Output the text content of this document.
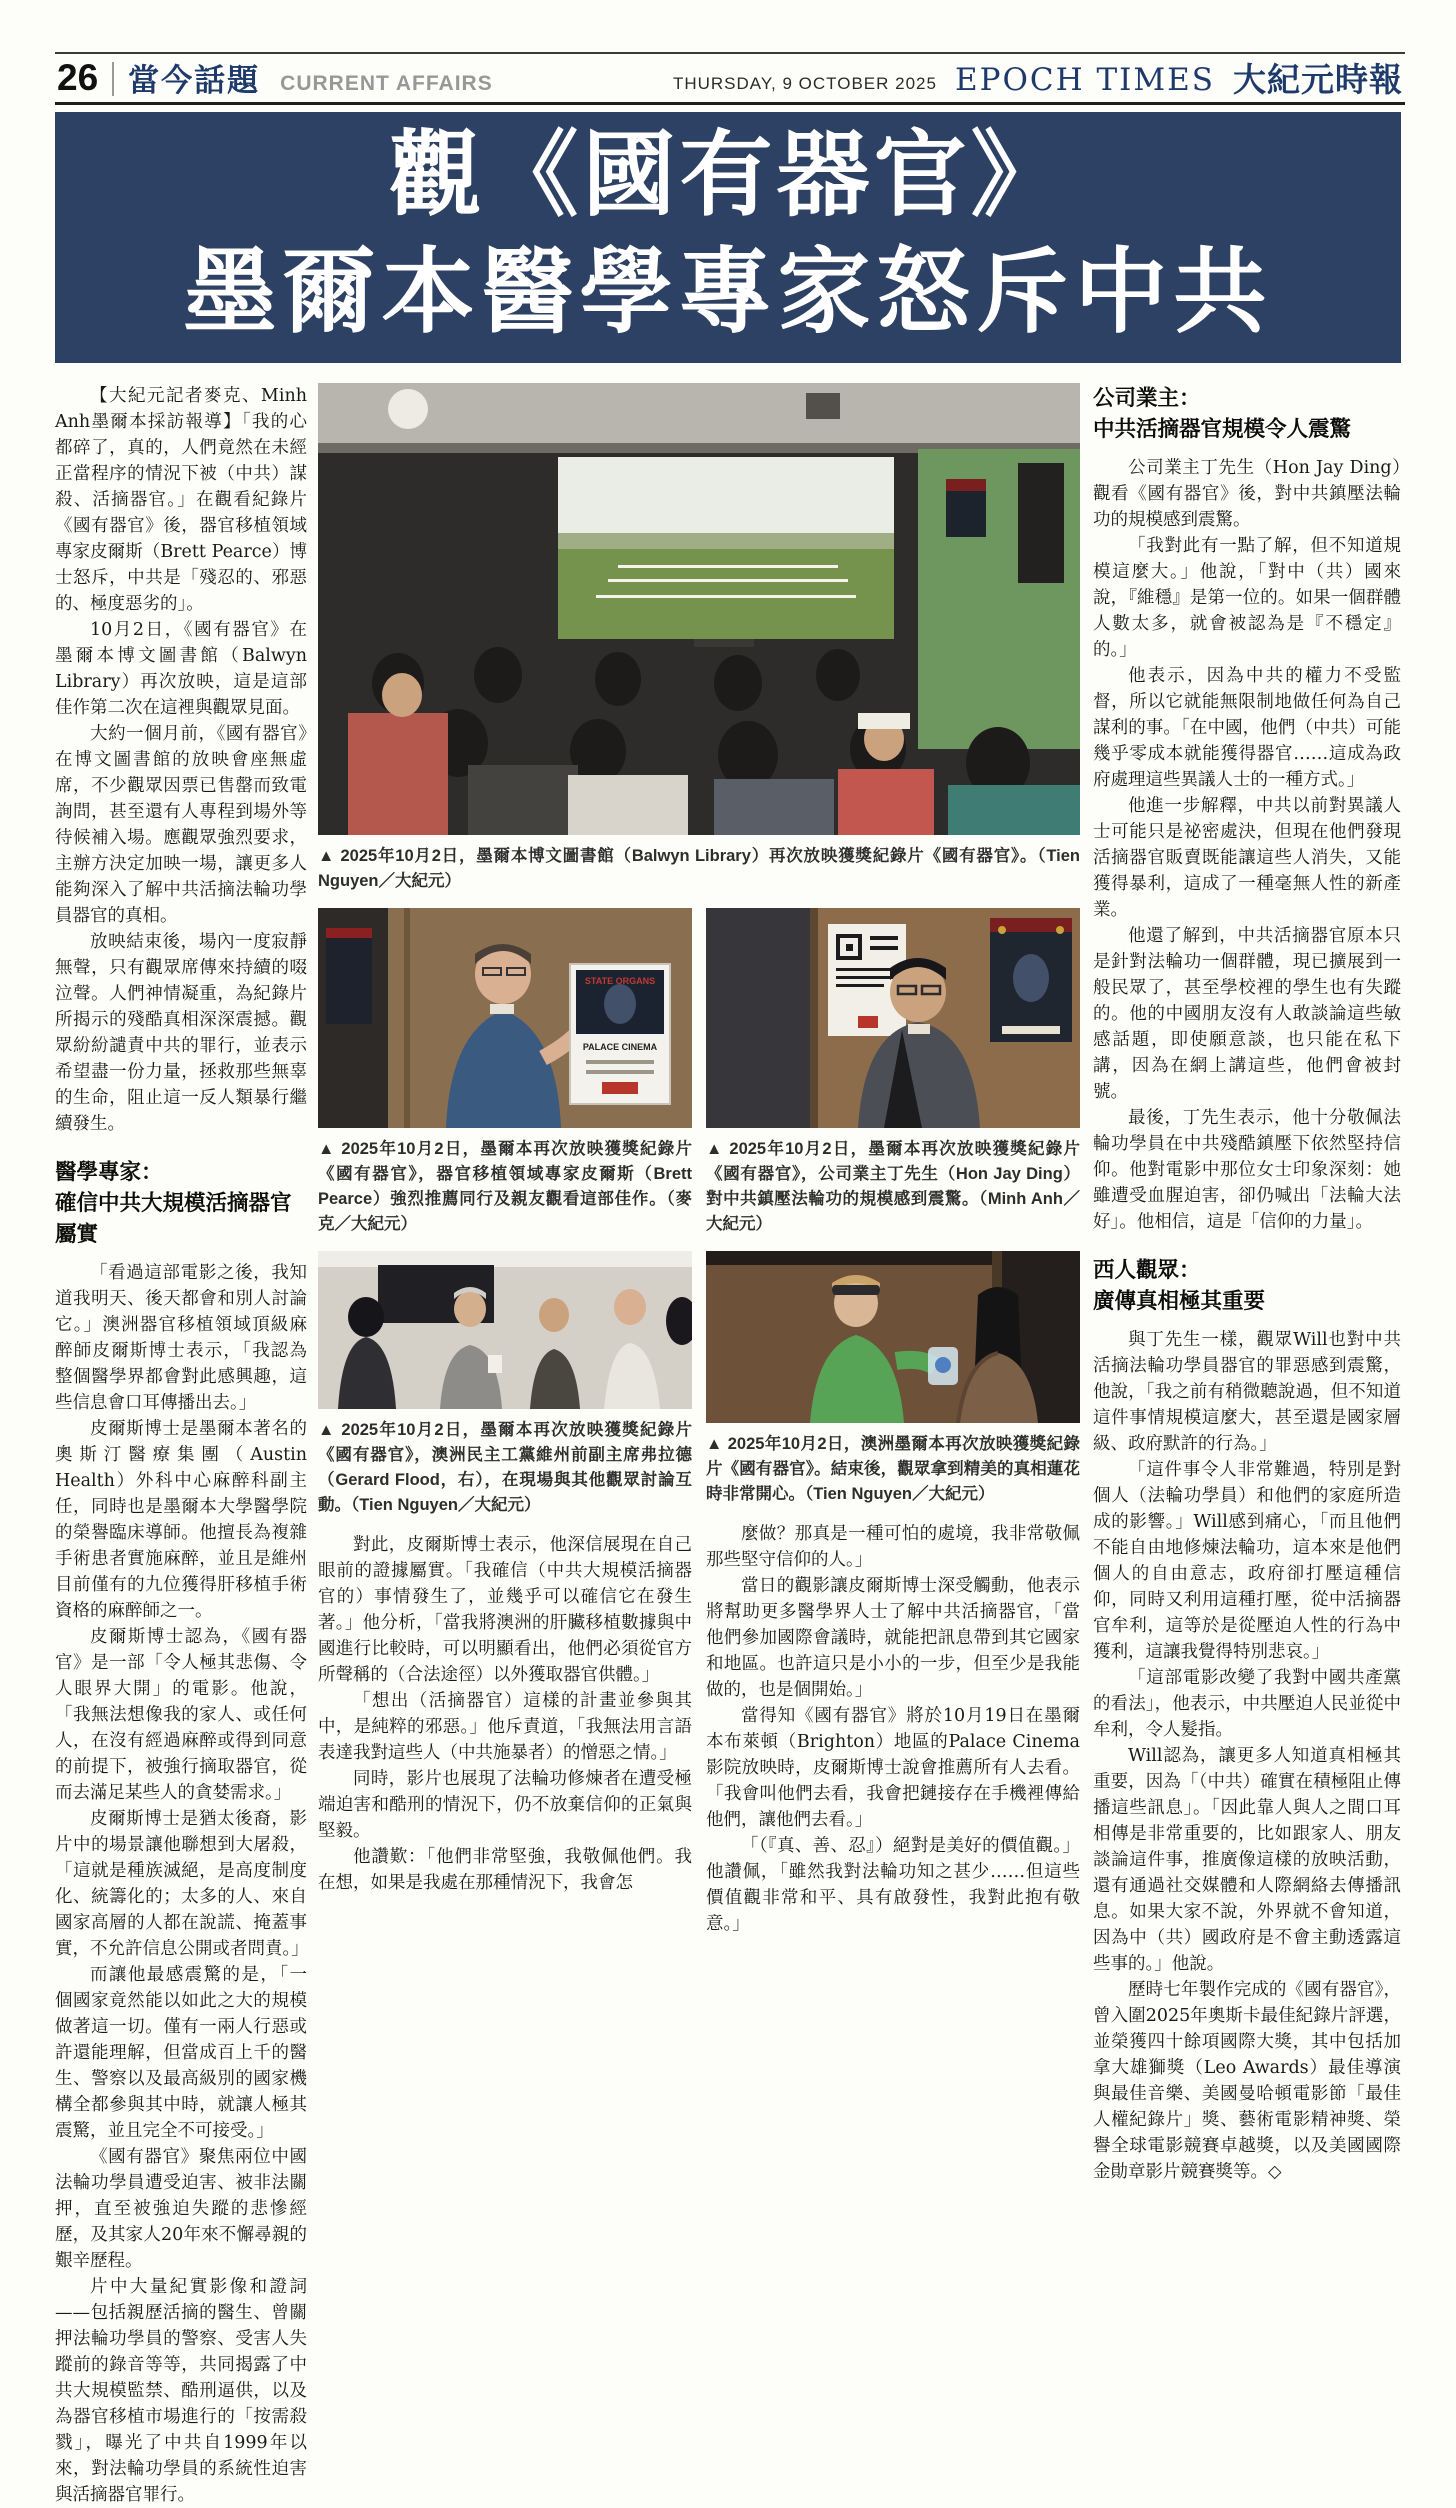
26 當今話題 CURRENT AFFAIRS	THURSDAY, 9 OCTOBER 2025 EPOCH TIMES 大紀元時報
觀《國有器官》
墨爾本醫學專家怒斥中共

【大紀元記者麥克、Minh Anh墨爾本採訪報導】「我的心都碎了，真的，人們竟然在未經正當程序的情況下被（中共）謀殺、活摘器官。」在觀看紀錄片《國有器官》後，器官移植領域專家皮爾斯（Brett Pearce）博士怒斥，中共是「殘忍的、邪惡的、極度惡劣的」。

10月2日，《國有器官》在墨爾本博文圖書館（Balwyn Library）再次放映，這是這部佳作第二次在這裡與觀眾見面。

大約一個月前，《國有器官》在博文圖書館的放映會座無虛席，不少觀眾因票已售罄而致電詢問，甚至還有人專程到場外等待候補入場。應觀眾強烈要求，主辦方決定加映一場，讓更多人能夠深入了解中共活摘法輪功學員器官的真相。

放映結束後，場內一度寂靜無聲，只有觀眾席傳來持續的啜泣聲。人們神情凝重，為紀錄片所揭示的殘酷真相深深震撼。觀眾紛紛譴責中共的罪行，並表示希望盡一份力量，拯救那些無辜的生命，阻止這一反人類暴行繼續發生。

醫學專家：
確信中共大規模活摘器官屬實

「看過這部電影之後，我知道我明天、後天都會和別人討論它。」澳洲器官移植領域頂級麻醉師皮爾斯博士表示，「我認為整個醫學界都會對此感興趣，這些信息會口耳傳播出去。」

皮爾斯博士是墨爾本著名的奧斯汀醫療集團（Austin Health）外科中心麻醉科副主任，同時也是墨爾本大學醫學院的榮譽臨床導師。他擅長為複雜手術患者實施麻醉，並且是維州目前僅有的九位獲得肝移植手術資格的麻醉師之一。

皮爾斯博士認為，《國有器官》是一部「令人極其悲傷、令人眼界大開」的電影。他說，「我無法想像我的家人、或任何人，在沒有經過麻醉或得到同意的前提下，被強行摘取器官，從而去滿足某些人的貪婪需求。」

皮爾斯博士是猶太後裔，影片中的場景讓他聯想到大屠殺，「這就是種族滅絕，是高度制度化、統籌化的；太多的人、來自國家高層的人都在說謊、掩蓋事實，不允許信息公開或者問責。」

而讓他最感震驚的是，「一個國家竟然能以如此之大的規模做著這一切。僅有一兩人行惡或許還能理解，但當成百上千的醫生、警察以及最高級別的國家機構全都參與其中時，就讓人極其震驚，並且完全不可接受。」

《國有器官》聚焦兩位中國法輪功學員遭受迫害、被非法關押，直至被強迫失蹤的悲慘經歷，及其家人20年來不懈尋親的艱辛歷程。

片中大量紀實影像和證詞——包括親歷活摘的醫生、曾關押法輪功學員的警察、受害人失蹤前的錄音等等，共同揭露了中共大規模監禁、酷刑逼供，以及為器官移植市場進行的「按需殺戮」，曝光了中共自1999年以來，對法輪功學員的系統性迫害與活摘器官罪行。

▲ 2025年10月2日，墨爾本博文圖書館（Balwyn Library）再次放映獲獎紀錄片《國有器官》。（Tien Nguyen／大紀元）

STATE ORGANS
PALACE CINEMA

▲ 2025年10月2日，墨爾本再次放映獲獎紀錄片《國有器官》，器官移植領域專家皮爾斯（Brett Pearce）強烈推薦同行及親友觀看這部佳作。（麥克／大紀元）

▲ 2025年10月2日，墨爾本再次放映獲獎紀錄片《國有器官》，澳洲民主工黨維州前副主席弗拉德（Gerard Flood，右），在現場與其他觀眾討論互動。（Tien Nguyen／大紀元）

對此，皮爾斯博士表示，他深信展現在自己眼前的證據屬實。「我確信（中共大規模活摘器官的）事情發生了，並幾乎可以確信它在發生著。」他分析，「當我將澳洲的肝臟移植數據與中國進行比較時，可以明顯看出，他們必須從官方所聲稱的（合法途徑）以外獲取器官供體。」

「想出（活摘器官）這樣的計畫並參與其中，是純粹的邪惡。」他斥責道，「我無法用言語表達我對這些人（中共施暴者）的憎惡之情。」

同時，影片也展現了法輪功修煉者在遭受極端迫害和酷刑的情況下，仍不放棄信仰的正氣與堅毅。

他讚歎：「他們非常堅強，我敬佩他們。我在想，如果是我處在那種情況下，我會怎

▲ 2025年10月2日，墨爾本再次放映獲獎紀錄片《國有器官》，公司業主丁先生（Hon Jay Ding）對中共鎮壓法輪功的規模感到震驚。（Minh Anh／大紀元）

▲ 2025年10月2日，澳洲墨爾本再次放映獲獎紀錄片《國有器官》。結束後，觀眾拿到精美的真相蓮花時非常開心。（Tien Nguyen／大紀元）

麼做？那真是一種可怕的處境，我非常敬佩那些堅守信仰的人。」

當日的觀影讓皮爾斯博士深受觸動，他表示將幫助更多醫學界人士了解中共活摘器官，「當他們參加國際會議時，就能把訊息帶到其它國家和地區。也許這只是小小的一步，但至少是我能做的，也是個開始。」

當得知《國有器官》將於10月19日在墨爾本布萊頓（Brighton）地區的Palace Cinema影院放映時，皮爾斯博士說會推薦所有人去看。「我會叫他們去看，我會把鏈接存在手機裡傳給他們，讓他們去看。」

「（『真、善、忍』）絕對是美好的價值觀。」他讚佩，「雖然我對法輪功知之甚少……但這些價值觀非常和平、具有啟發性，我對此抱有敬意。」

公司業主：
中共活摘器官規模令人震驚

公司業主丁先生（Hon Jay Ding）觀看《國有器官》後，對中共鎮壓法輪功的規模感到震驚。

「我對此有一點了解，但不知道規模這麼大。」他說，「對中（共）國來說，『維穩』是第一位的。如果一個群體人數太多，就會被認為是『不穩定』的。」

他表示，因為中共的權力不受監督，所以它就能無限制地做任何為自己謀利的事。「在中國，他們（中共）可能幾乎零成本就能獲得器官……這成為政府處理這些異議人士的一種方式。」

他進一步解釋，中共以前對異議人士可能只是祕密處決，但現在他們發現活摘器官販賣既能讓這些人消失，又能獲得暴利，這成了一種毫無人性的新產業。

他還了解到，中共活摘器官原本只是針對法輪功一個群體，現已擴展到一般民眾了，甚至學校裡的學生也有失蹤的。他的中國朋友沒有人敢談論這些敏感話題，即使願意談，也只能在私下講，因為在網上講這些，他們會被封號。

最後，丁先生表示，他十分敬佩法輪功學員在中共殘酷鎮壓下依然堅持信仰。他對電影中那位女士印象深刻：她雖遭受血腥迫害，卻仍喊出「法輪大法好」。他相信，這是「信仰的力量」。

西人觀眾：
廣傳真相極其重要

與丁先生一樣，觀眾Will也對中共活摘法輪功學員器官的罪惡感到震驚，他說，「我之前有稍微聽說過，但不知道這件事情規模這麼大，甚至還是國家層級、政府默許的行為。」

「這件事令人非常難過，特別是對個人（法輪功學員）和他們的家庭所造成的影響。」Will感到痛心，「而且他們不能自由地修煉法輪功，這本來是他們個人的自由意志，政府卻打壓這種信仰，同時又利用這種打壓，從中活摘器官牟利，這等於是從壓迫人性的行為中獲利，這讓我覺得特別悲哀。」

「這部電影改變了我對中國共產黨的看法」，他表示，中共壓迫人民並從中牟利，令人髮指。

Will認為，讓更多人知道真相極其重要，因為「（中共）確實在積極阻止傳播這些訊息」。「因此靠人與人之間口耳相傳是非常重要的，比如跟家人、朋友談論這件事，推廣像這樣的放映活動，還有通過社交媒體和人際網絡去傳播訊息。如果大家不說，外界就不會知道，因為中（共）國政府是不會主動透露這些事的。」他說。

歷時七年製作完成的《國有器官》，曾入圍2025年奧斯卡最佳紀錄片評選，並榮獲四十餘項國際大獎，其中包括加拿大雄獅獎（Leo Awards）最佳導演與最佳音樂、美國曼哈頓電影節「最佳人權紀錄片」獎、藝術電影精神獎、榮譽全球電影競賽卓越獎，以及美國國際金勛章影片競賽獎等。◇
